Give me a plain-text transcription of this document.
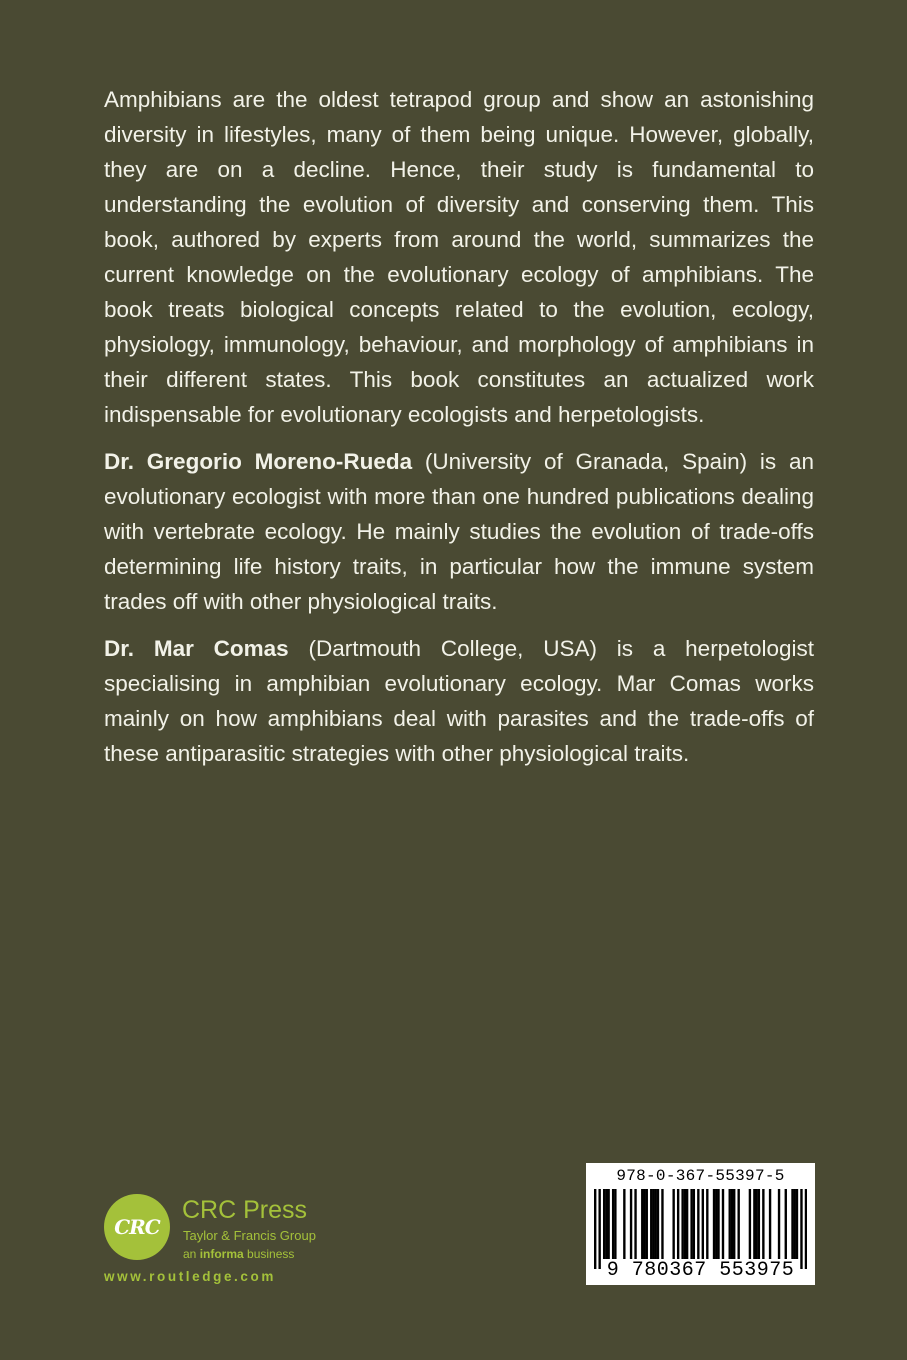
Amphibians are the oldest tetrapod group and show an astonishing diversity in lifestyles, many of them being unique. However, globally, they are on a decline. Hence, their study is fundamental to understanding the evolution of diversity and conserving them. This book, authored by experts from around the world, summarizes the current knowledge on the evolutionary ecology of amphibians. The book treats biological concepts related to the evolution, ecology, physiology, immunology, behaviour, and morphology of amphibians in their different states. This book constitutes an actualized work indispensable for evolutionary ecologists and herpetologists.

Dr. Gregorio Moreno-Rueda (University of Granada, Spain) is an evolutionary ecologist with more than one hundred publications dealing with vertebrate ecology. He mainly studies the evolution of trade-offs determining life history traits, in particular how the immune system trades off with other physiological traits.

Dr. Mar Comas (Dartmouth College, USA) is a herpetologist specialising in amphibian evolutionary ecology. Mar Comas works mainly on how amphibians deal with parasites and the trade-offs of these antiparasitic strategies with other physiological traits.

CRC
CRC Press
Taylor & Francis Group
an informa business
www.routledge.com
978-0-367-55397-5
9 780367 553975
